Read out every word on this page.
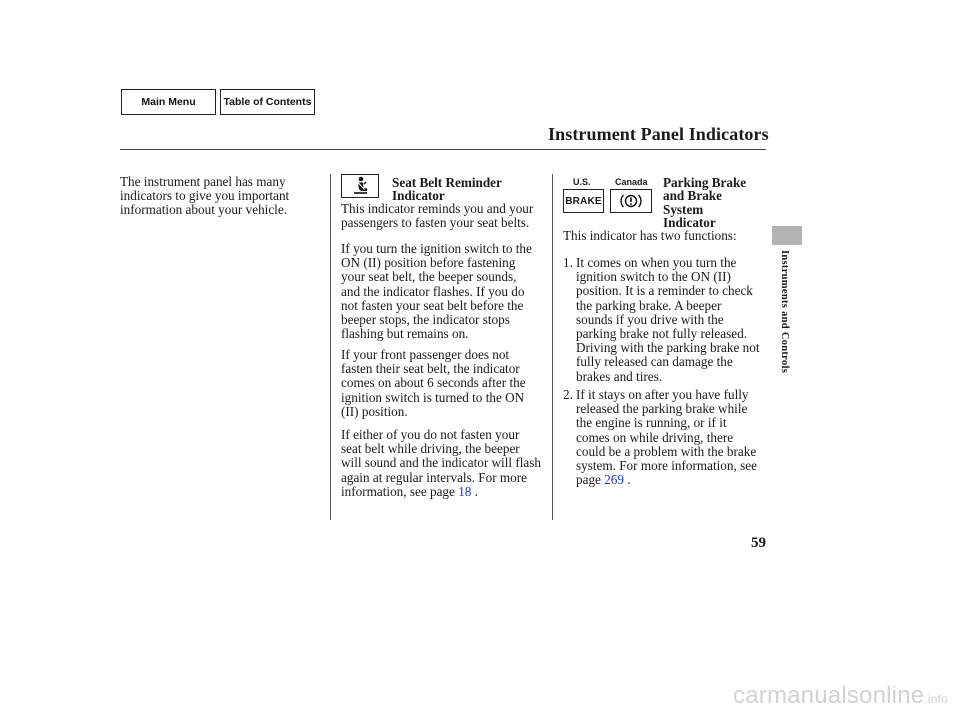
Main Menu	Table of Contents
Instrument Panel Indicators
The instrument panel has many
indicators to give you important
information about your vehicle.
Seat Belt Reminder
Indicator
This indicator reminds you and your
passengers to fasten your seat belts.
If you turn the ignition switch to the
ON (II) position before fastening
your seat belt, the beeper sounds,
and the indicator flashes. If you do
not fasten your seat belt before the
beeper stops, the indicator stops
flashing but remains on.
If your front passenger does not
fasten their seat belt, the indicator
comes on about 6 seconds after the
ignition switch is turned to the ON
(II) position.
If either of you do not fasten your
seat belt while driving, the beeper
will sound and the indicator will flash
again at regular intervals. For more
information, see page 18 .
U.S.	Canada
BRAKE
Parking Brake
and Brake
System
Indicator
This indicator has two functions:
1. It comes on when you turn the
ignition switch to the ON (II)
position. It is a reminder to check
the parking brake. A beeper
sounds if you drive with the
parking brake not fully released.
Driving with the parking brake not
fully released can damage the
brakes and tires.
2. If it stays on after you have fully
released the parking brake while
the engine is running, or if it
comes on while driving, there
could be a problem with the brake
system. For more information, see
page 269 .
Instruments and Controls
59
carmanualsonline.info
